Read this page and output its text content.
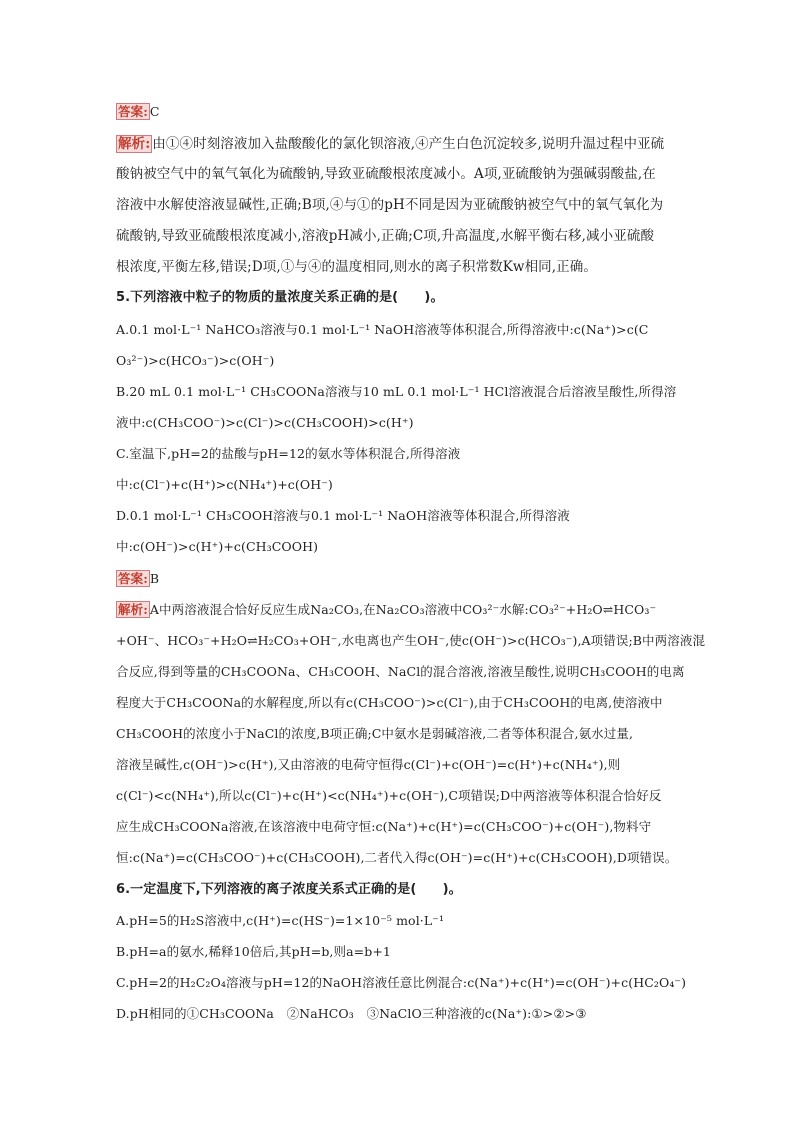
答案: C
解析: 由①④时刻溶液加入盐酸酸化的氯化钡溶液,④产生白色沉淀较多,说明升温过程中亚硫
酸钠被空气中的氧气氧化为硫酸钠,导致亚硫酸根浓度减小。A项,亚硫酸钠为强碱弱酸盐,在
溶液中水解使溶液显碱性,正确;B项,④与①的pH不同是因为亚硫酸钠被空气中的氧气氧化为
硫酸钠,导致亚硫酸根浓度减小,溶液pH减小,正确;C项,升高温度,水解平衡右移,减小亚硫酸
根浓度,平衡左移,错误;D项,①与④的温度相同,则水的离子积常数Kw相同,正确。
5.下列溶液中粒子的物质的量浓度关系正确的是(　　)。
A.0.1 mol·L⁻¹ NaHCO₃溶液与0.1 mol·L⁻¹ NaOH溶液等体积混合,所得溶液中:c(Na⁺)>c(C
O₃²⁻)>c(HCO₃⁻)>c(OH⁻)
B.20 mL 0.1 mol·L⁻¹ CH₃COONa溶液与10 mL 0.1 mol·L⁻¹ HCl溶液混合后溶液呈酸性,所得溶
液中:c(CH₃COO⁻)>c(Cl⁻)>c(CH₃COOH)>c(H⁺)
C.室温下,pH=2的盐酸与pH=12的氨水等体积混合,所得溶液
中:c(Cl⁻)+c(H⁺)>c(NH₄⁺)+c(OH⁻)
D.0.1 mol·L⁻¹ CH₃COOH溶液与0.1 mol·L⁻¹ NaOH溶液等体积混合,所得溶液
中:c(OH⁻)>c(H⁺)+c(CH₃COOH)
答案: B
解析: A中两溶液混合恰好反应生成Na₂CO₃,在Na₂CO₃溶液中CO₃²⁻水解:CO₃²⁻+H₂O⇌HCO₃⁻
+OH⁻、HCO₃⁻+H₂O⇌H₂CO₃+OH⁻,水电离也产生OH⁻,使c(OH⁻)>c(HCO₃⁻),A项错误;B中两溶液混
合反应,得到等量的CH₃COONa、CH₃COOH、NaCl的混合溶液,溶液呈酸性,说明CH₃COOH的电离
程度大于CH₃COONa的水解程度,所以有c(CH₃COO⁻)>c(Cl⁻),由于CH₃COOH的电离,使溶液中
CH₃COOH的浓度小于NaCl的浓度,B项正确;C中氨水是弱碱溶液,二者等体积混合,氨水过量,
溶液呈碱性,c(OH⁻)>c(H⁺),又由溶液的电荷守恒得c(Cl⁻)+c(OH⁻)=c(H⁺)+c(NH₄⁺),则
c(Cl⁻)<c(NH₄⁺),所以c(Cl⁻)+c(H⁺)<c(NH₄⁺)+c(OH⁻),C项错误;D中两溶液等体积混合恰好反
应生成CH₃COONa溶液,在该溶液中电荷守恒:c(Na⁺)+c(H⁺)=c(CH₃COO⁻)+c(OH⁻),物料守
恒:c(Na⁺)=c(CH₃COO⁻)+c(CH₃COOH),二者代入得c(OH⁻)=c(H⁺)+c(CH₃COOH),D项错误。
6.一定温度下,下列溶液的离子浓度关系式正确的是(　　)。
A.pH=5的H₂S溶液中,c(H⁺)=c(HS⁻)=1×10⁻⁵ mol·L⁻¹
B.pH=a的氨水,稀释10倍后,其pH=b,则a=b+1
C.pH=2的H₂C₂O₄溶液与pH=12的NaOH溶液任意比例混合:c(Na⁺)+c(H⁺)=c(OH⁻)+c(HC₂O₄⁻)
D.pH相同的①CH₃COONa　②NaHCO₃　③NaClO三种溶液的c(Na⁺):①>②>③
